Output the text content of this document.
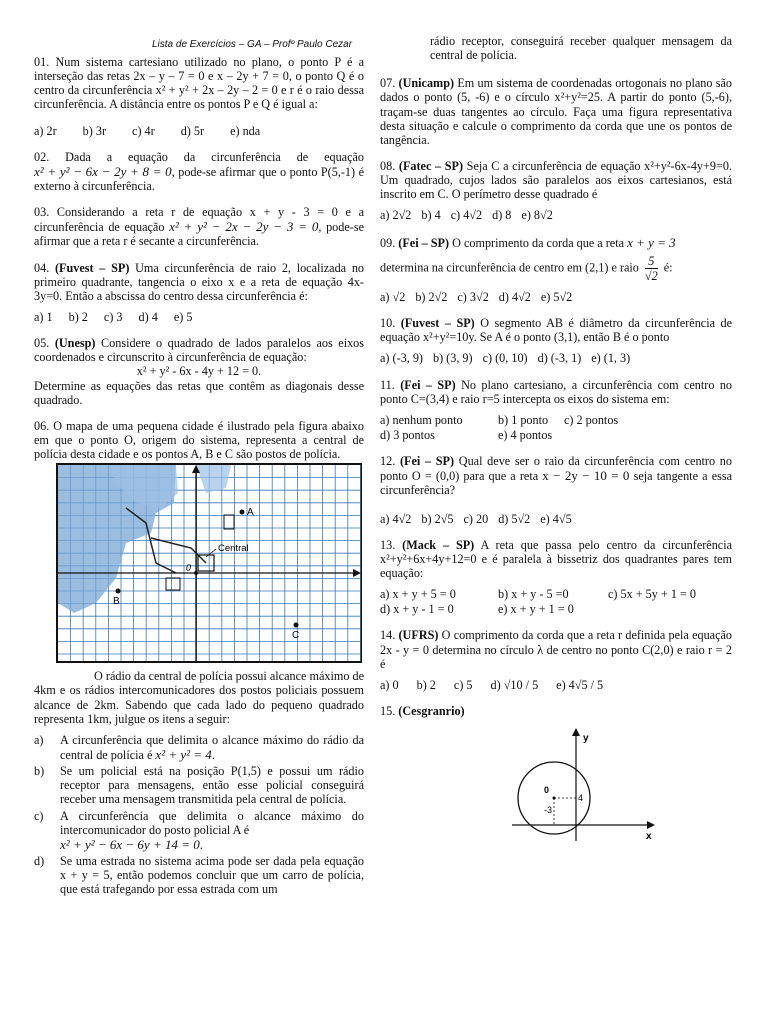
Lista de Exercícios – GA – Profº Paulo Cezar

01. Num sistema cartesiano utilizado no plano, o ponto P é a interseção das retas 2x – y – 7 = 0 e x – 2y + 7 = 0, o ponto Q é o centro da circunferência x² + y² + 2x – 2y – 2 = 0 e r é o raio dessa circunferência. A distância entre os pontos P e Q é igual a:

a) 2r b) 3r c) 4r d) 5r e) nda

02. Dada a equação da circunferência de equação x² + y² − 6x − 2y + 8 = 0, pode-se afirmar que o ponto P(5,-1) é externo à circunferência.

03. Considerando a reta r de equação x + y - 3 = 0 e a circunferência de equação x² + y² − 2x − 2y − 3 = 0, pode-se afirmar que a reta r é secante a circunferência.

04. (Fuvest – SP) Uma circunferência de raio 2, localizada no primeiro quadrante, tangencia o eixo x e a reta de equação 4x-3y=0. Então a abscissa do centro dessa circunferência é:

a) 1 b) 2 c) 3 d) 4 e) 5

05. (Unesp) Considere o quadrado de lados paralelos aos eixos coordenados e circunscrito à circunferência de equação:

x² + y² - 6x - 4y + 12 = 0.

Determine as equações das retas que contêm as diagonais desse quadrado.

06. O mapa de uma pequena cidade é ilustrado pela figura abaixo em que o ponto O, origem do sistema, representa a central de polícia desta cidade e os pontos A, B e C são postos de polícia.

A
B
C
0
Central

O rádio da central de polícia possui alcance máximo de 4km e os rádios intercomunicadores dos postos policiais possuem alcance de 2km. Sabendo que cada lado do pequeno quadrado representa 1km, julgue os itens a seguir:

a)	A circunferência que delimita o alcance máximo do rádio da central de polícia é x² + y² = 4.
b)	Se um policial está na posição P(1,5) e possui um rádio receptor para mensagens, então esse policial conseguirá receber uma mensagem transmitida pela central de polícia.
c)	A circunferência que delimita o alcance máximo do intercomunicador do posto policial A é
x² + y² − 6x − 6y + 14 = 0.
d)	Se uma estrada no sistema acima pode ser dada pela equação x + y = 5, então podemos concluir que um carro de polícia, que está trafegando por essa estrada com um

rádio receptor, conseguirá receber qualquer mensagem da central de polícia.

07. (Unicamp) Em um sistema de coordenadas ortogonais no plano são dados o ponto (5, -6) e o círculo x²+y²=25. A partir do ponto (5,-6), traçam-se duas tangentes ao círculo. Faça uma figura representativa desta situação e calcule o comprimento da corda que une os pontos de tangência.

08. (Fatec – SP) Seja C a circunferência de equação x²+y²-6x-4y+9=0. Um quadrado, cujos lados são paralelos aos eixos cartesianos, está inscrito em C. O perímetro desse quadrado é

a) 2√2 b) 4 c) 4√2 d) 8 e) 8√2

09. (Fei – SP) O comprimento da corda que a reta x + y = 3

determina na circunferência de centro em (2,1) e raio $\frac{5}{√2}$ é:

a) √2 b) 2√2 c) 3√2 d) 4√2 e) 5√2

10. (Fuvest – SP) O segmento AB é diâmetro da circunferência de equação x²+y²=10y. Se A é o ponto (3,1), então B é o ponto

a) (-3, 9) b) (3, 9) c) (0, 10) d) (-3, 1) e) (1, 3)

11. (Fei – SP) No plano cartesiano, a circunferência com centro no ponto C=(3,4) e raio r=5 intercepta os eixos do sistema em:

a) nenhum ponto	b) 1 ponto	c) 2 pontos
d) 3 pontos	e) 4 pontos

12. (Fei – SP) Qual deve ser o raio da circunferência com centro no ponto O = (0,0) para que a reta x − 2y − 10 = 0 seja tangente a essa circunferência?

a) 4√2 b) 2√5 c) 20 d) 5√2 e) 4√5

13. (Mack – SP) A reta que passa pelo centro da circunferência x²+y²+6x+4y+12=0 e é paralela à bissetriz dos quadrantes pares tem equação:

a) x + y + 5 = 0	b) x + y - 5 =0	c) 5x + 5y + 1 = 0
d) x + y - 1 = 0	e) x + y + 1 = 0

14. (UFRS) O comprimento da corda que a reta r definida pela equação 2x - y = 0 determina no círculo λ de centro no ponto C(2,0) e raio r = 2 é

a) 0 b) 2 c) 5 d) √10 / 5 e) 4√5 / 5

15. (Cesgranrio)

y
x
0
4
-3
